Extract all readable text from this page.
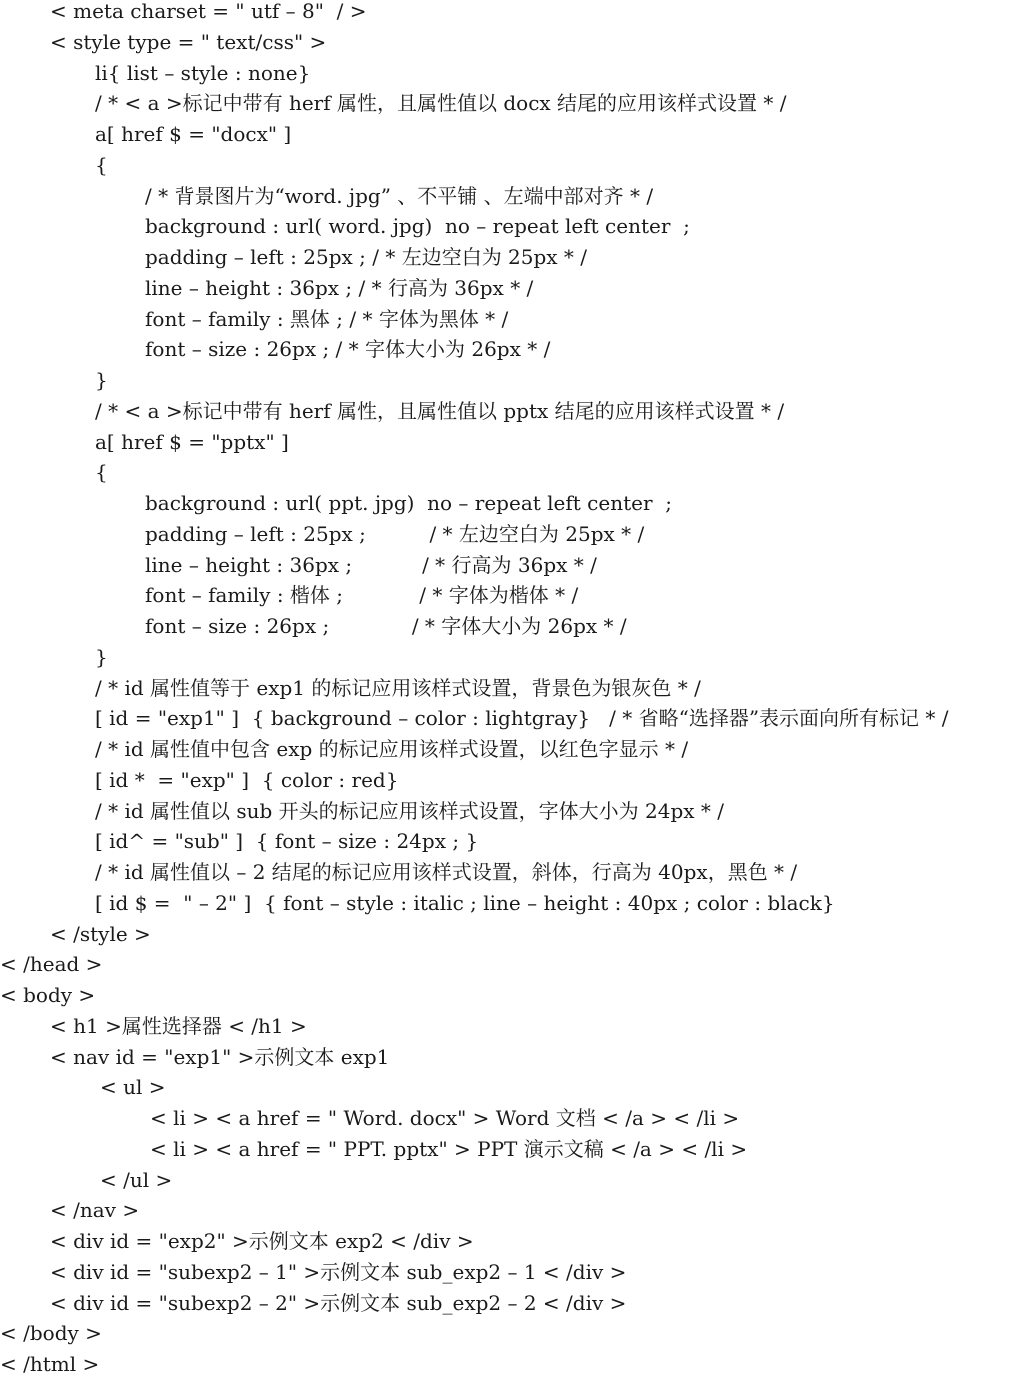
< meta charset = " utf – 8"  / >
< style type = " text/css" >
li{ list – style : none}
/ * < a >标记中带有 herf 属性，且属性值以 docx 结尾的应用该样式设置 * /
a[ href $ = "docx" ]
{
/ * 背景图片为“word. jpg” 、不平铺 、左端中部对齐 * /
background : url( word. jpg)  no – repeat left center  ;
padding – left : 25px ; / * 左边空白为 25px * /
line – height : 36px ; / * 行高为 36px * /
font – family : 黑体 ; / * 字体为黑体 * /
font – size : 26px ; / * 字体大小为 26px * /
}
/ * < a >标记中带有 herf 属性，且属性值以 pptx 结尾的应用该样式设置 * /
a[ href $ = "pptx" ]
{
background : url( ppt. jpg)  no – repeat left center  ;
padding – left : 25px ;          / * 左边空白为 25px * /
line – height : 36px ;           / * 行高为 36px * /
font – family : 楷体 ;            / * 字体为楷体 * /
font – size : 26px ;             / * 字体大小为 26px * /
}
/ * id 属性值等于 exp1 的标记应用该样式设置，背景色为银灰色 * /
[ id = "exp1" ]  { background – color : lightgray}   / * 省略“选择器”表示面向所有标记 * /
/ * id 属性值中包含 exp 的标记应用该样式设置，以红色字显示 * /
[ id *  = "exp" ]  { color : red}
/ * id 属性值以 sub 开头的标记应用该样式设置，字体大小为 24px * /
[ id^ = "sub" ]  { font – size : 24px ; }
/ * id 属性值以 – 2 结尾的标记应用该样式设置，斜体，行高为 40px，黑色 * /
[ id $ =  " – 2" ]  { font – style : italic ; line – height : 40px ; color : black}
< /style >
< /head >
< body >
< h1 >属性选择器 < /h1 >
< nav id = "exp1" >示例文本 exp1
< ul >
< li > < a href = " Word. docx" > Word 文档 < /a > < /li >
< li > < a href = " PPT. pptx" > PPT 演示文稿 < /a > < /li >
< /ul >
< /nav >
< div id = "exp2" >示例文本 exp2 < /div >
< div id = "subexp2 – 1" >示例文本 sub_exp2 – 1 < /div >
< div id = "subexp2 – 2" >示例文本 sub_exp2 – 2 < /div >
< /body >
< /html >
